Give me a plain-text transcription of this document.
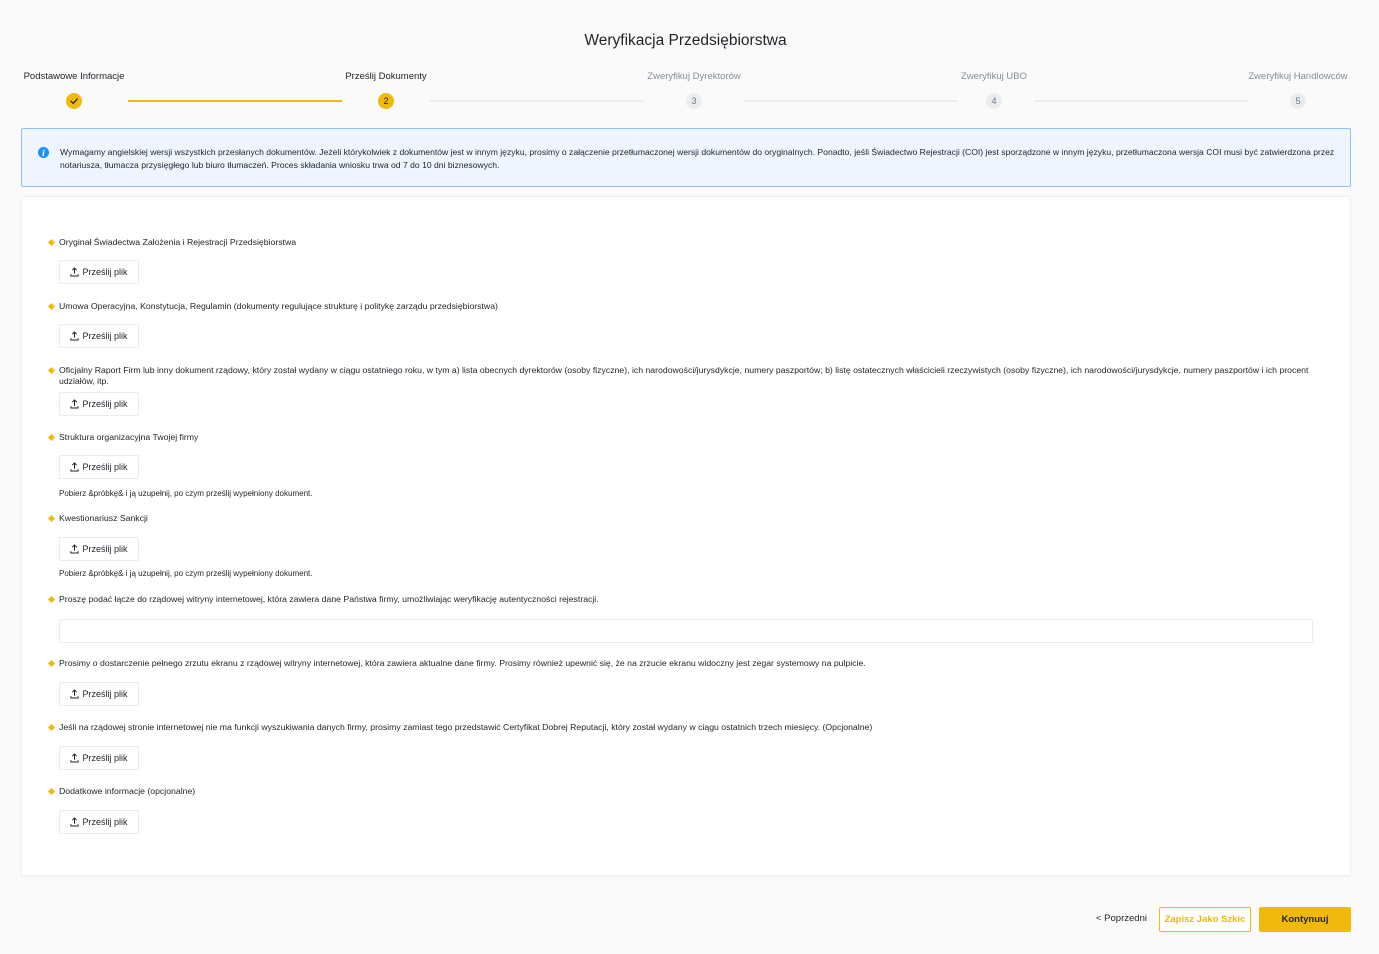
Weryfikacja Przedsiębiorstwa
Podstawowe Informacje	Prześlij Dokumenty	Zweryfikuj Dyrektorów	Zweryfikuj UBO	Zweryfikuj Handlowców
2	3	4	5
i	Wymagamy angielskiej wersji wszystkich przesłanych dokumentów. Jeżeli którykolwiek z dokumentów jest w innym języku, prosimy o załączenie przetłumaczonej wersji dokumentów do oryginalnych. Ponadto, jeśli Świadectwo Rejestracji (COI) jest sporządzone w innym języku, przetłumaczona wersja COI musi być zatwierdzona przez notariusza, tłumacza przysięgłego lub biuro tłumaczeń. Proces składania wniosku trwa od 7 do 10 dni biznesowych.
Oryginał Świadectwa Założenia i Rejestracji Przedsiębiorstwa
Prześlij plik
Umowa Operacyjna, Konstytucja, Regulamin (dokumenty regulujące strukturę i politykę zarządu przedsiębiorstwa)
Prześlij plik
Oficjalny Raport Firm lub inny dokument rządowy, który został wydany w ciągu ostatniego roku, w tym a) lista obecnych dyrektorów (osoby fizyczne), ich narodowości/jurysdykcje, numery paszportów; b) listę ostatecznych właścicieli rzeczywistych (osoby fizyczne), ich narodowości/jurysdykcje, numery paszportów i ich procent udziałów, itp.
Prześlij plik
Struktura organizacyjna Twojej firmy
Prześlij plik
Pobierz &próbkę& i ją uzupełnij, po czym prześlij wypełniony dokument.
Kwestionariusz Sankcji
Prześlij plik
Pobierz &próbkę& i ją uzupełnij, po czym prześlij wypełniony dokument.
Proszę podać łącze do rządowej witryny internetowej, która zawiera dane Państwa firmy, umożliwiając weryfikację autentyczności rejestracji.
Prosimy o dostarczenie pełnego zrzutu ekranu z rządowej witryny internetowej, która zawiera aktualne dane firmy. Prosimy również upewnić się, że na zrzucie ekranu widoczny jest zegar systemowy na pulpicie.
Prześlij plik
Jeśli na rządowej stronie internetowej nie ma funkcji wyszukiwania danych firmy, prosimy zamiast tego przedstawić Certyfikat Dobrej Reputacji, który został wydany w ciągu ostatnich trzech miesięcy. (Opcjonalne)
Prześlij plik
Dodatkowe informacje (opcjonalne)
Prześlij plik
< Poprzedni	Zapisz Jako Szkic	Kontynuuj
